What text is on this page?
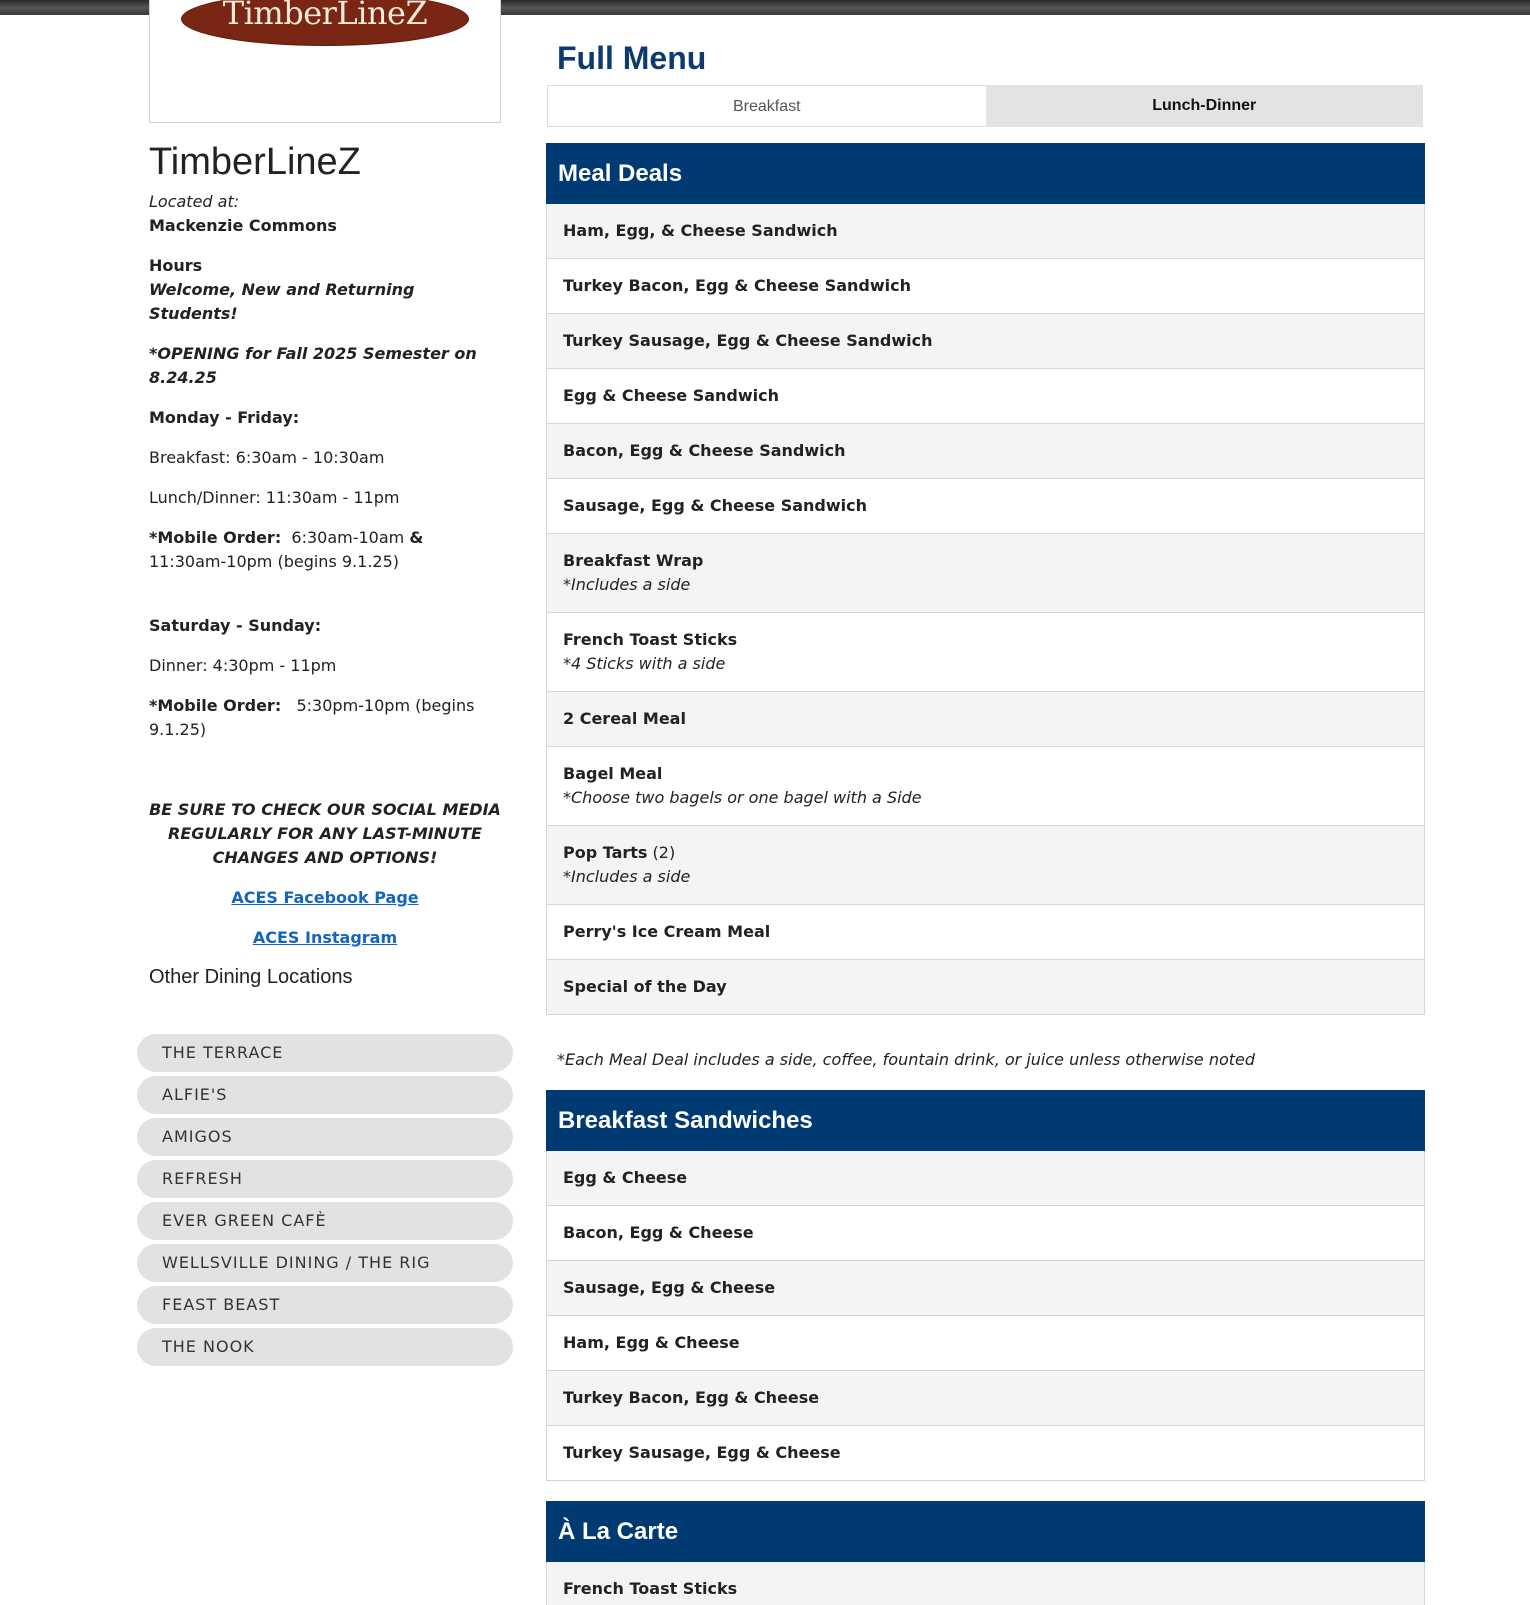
TimberLineZ
TimberLineZ
Located at:
Mackenzie Commons
Hours
Welcome, New and Returning Students!
*OPENING for Fall 2025 Semester on 8.24.25
Monday - Friday:
Breakfast: 6:30am - 10:30am
Lunch/Dinner: 11:30am - 11pm
*Mobile Order: 6:30am-10am & 11:30am-10pm (begins 9.1.25)
Saturday - Sunday:
Dinner: 4:30pm - 11pm
*Mobile Order: 5:30pm-10pm (begins 9.1.25)
BE SURE TO CHECK OUR SOCIAL MEDIA REGULARLY FOR ANY LAST-MINUTE CHANGES AND OPTIONS!
ACES Facebook Page
ACES Instagram
Other Dining Locations
THE TERRACE
ALFIE'S
AMIGOS
REFRESH
EVER GREEN CAFÈ
WELLSVILLE DINING / THE RIG
FEAST BEAST
THE NOOK
Full Menu
Breakfast	Lunch-Dinner
Meal Deals
Ham, Egg, & Cheese Sandwich
Turkey Bacon, Egg & Cheese Sandwich
Turkey Sausage, Egg & Cheese Sandwich
Egg & Cheese Sandwich
Bacon, Egg & Cheese Sandwich
Sausage, Egg & Cheese Sandwich
Breakfast Wrap
*Includes a side
French Toast Sticks
*4 Sticks with a side
2 Cereal Meal
Bagel Meal
*Choose two bagels or one bagel with a Side
Pop Tarts (2)
*Includes a side
Perry's Ice Cream Meal
Special of the Day
*Each Meal Deal includes a side, coffee, fountain drink, or juice unless otherwise noted
Breakfast Sandwiches
Egg & Cheese
Bacon, Egg & Cheese
Sausage, Egg & Cheese
Ham, Egg & Cheese
Turkey Bacon, Egg & Cheese
Turkey Sausage, Egg & Cheese
À La Carte
French Toast Sticks
